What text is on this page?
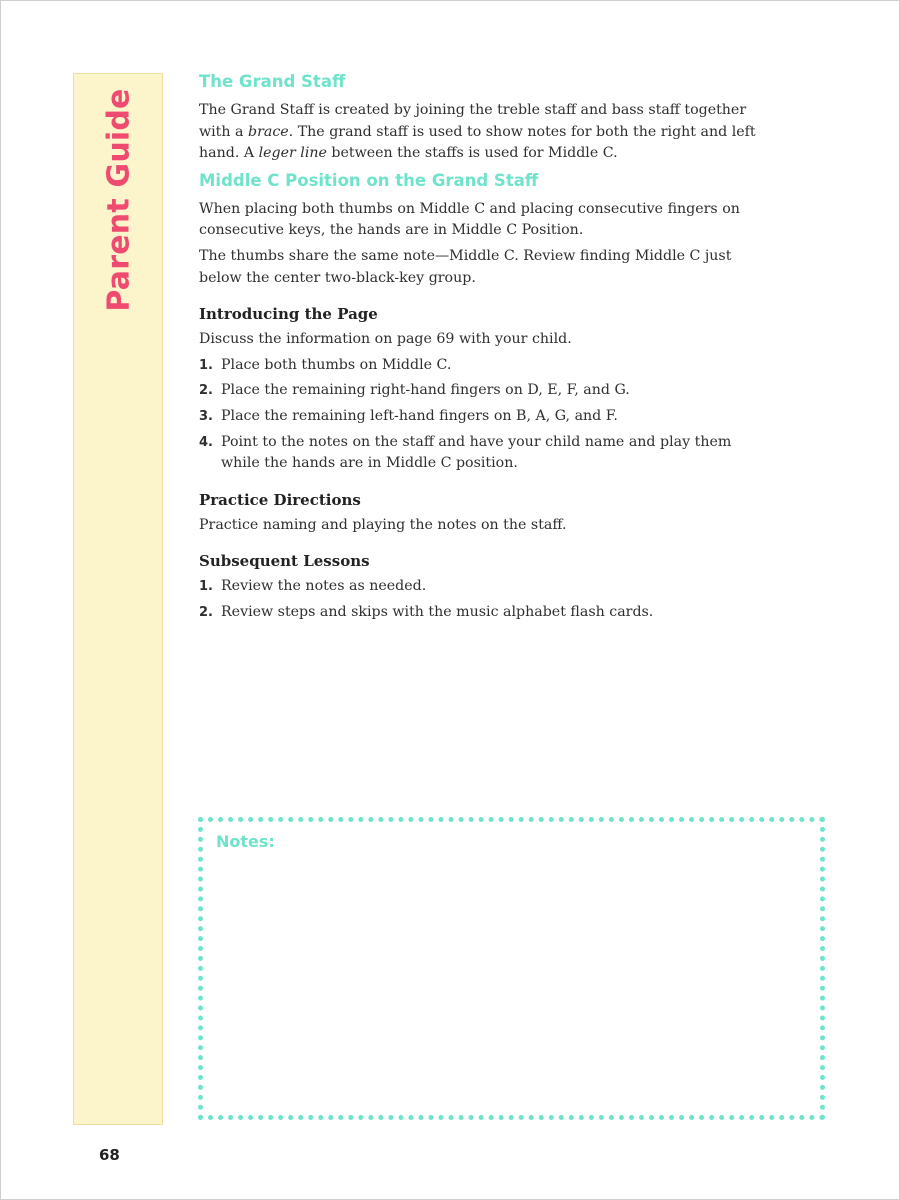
Parent Guide
The Grand Staff

The Grand Staff is created by joining the treble staff and bass staff together with a brace. The grand staff is used to show notes for both the right and left hand. A leger line between the staffs is used for Middle C.

Middle C Position on the Grand Staff

When placing both thumbs on Middle C and placing consecutive fingers on consecutive keys, the hands are in Middle C Position.

The thumbs share the same note—Middle C. Review finding Middle C just below the center two-black-key group.

Introducing the Page

Discuss the information on page 69 with your child.

1. Place both thumbs on Middle C.
2. Place the remaining right-hand fingers on D, E, F, and G.
3. Place the remaining left-hand fingers on B, A, G, and F.
4. Point to the notes on the staff and have your child name and play them while the hands are in Middle C position.
Practice Directions

Practice naming and playing the notes on the staff.

Subsequent Lessons
1. Review the notes as needed.
2. Review steps and skips with the music alphabet flash cards.
Notes:
68
